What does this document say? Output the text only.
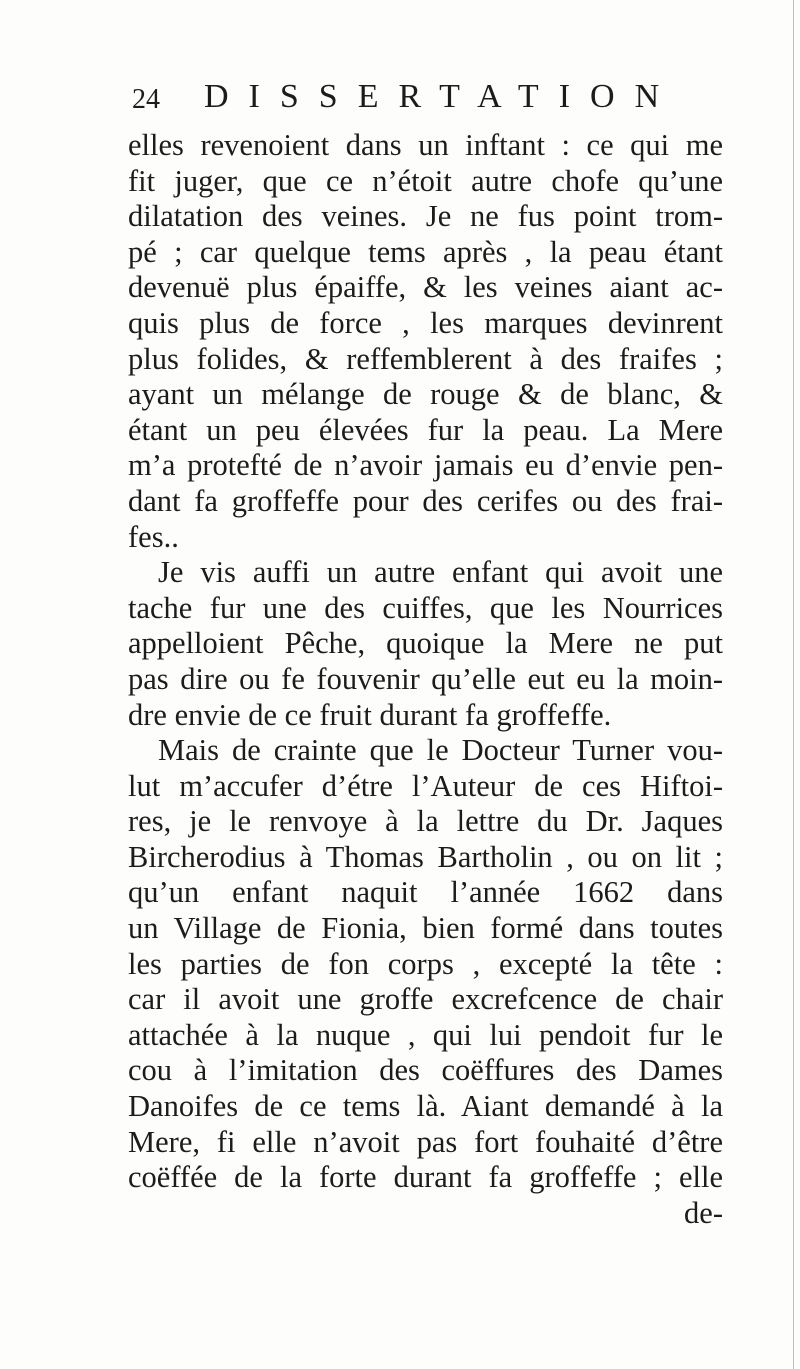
24 DISSERTATION
elles revenoient dans un inftant : ce qui me
fit juger, que ce n’étoit autre chofe qu’une
dilatation des veines. Je ne fus point trom-
pé ; car quelque tems après , la peau étant
devenuë plus épaiffe, & les veines aiant ac-
quis plus de force , les marques devinrent
plus folides, & reffemblerent à des fraifes ;
ayant un mélange de rouge & de blanc, &
étant un peu élevées fur la peau. La Mere
m’a protefté de n’avoir jamais eu d’envie pen-
dant fa groffeffe pour des cerifes ou des frai-
fes..
Je vis auffi un autre enfant qui avoit une
tache fur une des cuiffes, que les Nourrices
appelloient Pêche, quoique la Mere ne put
pas dire ou fe fouvenir qu’elle eut eu la moin-
dre envie de ce fruit durant fa groffeffe.
Mais de crainte que le Docteur Turner vou-
lut m’accufer d’étre l’Auteur de ces Hiftoi-
res, je le renvoye à la lettre du Dr. Jaques
Bircherodius à Thomas Bartholin , ou on lit ;
qu’un enfant naquit l’année 1662 dans
un Village de Fionia, bien formé dans toutes
les parties de fon corps , excepté la tête :
car il avoit une groffe excrefcence de chair
attachée à la nuque , qui lui pendoit fur le
cou à l’imitation des coëffures des Dames
Danoifes de ce tems là. Aiant demandé à la
Mere, fi elle n’avoit pas fort fouhaité d’être
coëffée de la forte durant fa groffeffe ; elle
de-
